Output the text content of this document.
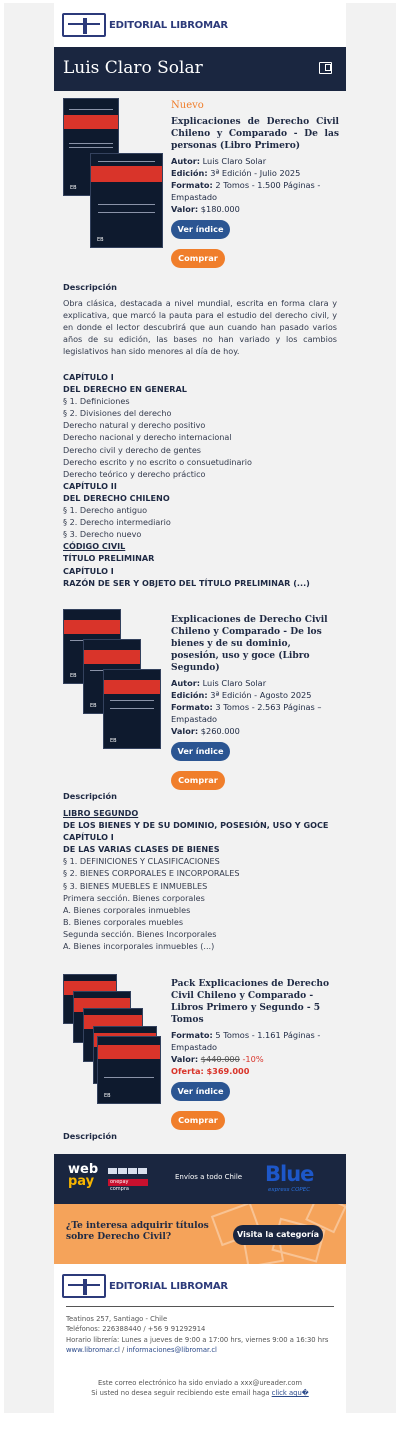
EDITORIAL LIBROMAR
Luis Claro Solar
EB
EB
Nuevo
Explicaciones de Derecho Civil Chileno y Comparado - De las personas (Libro Primero)
Autor: Luis Claro Solar
Edición: 3ª Edición - Julio 2025
Formato: 2 Tomos - 1.500 Páginas - Empastado
Valor: $180.000
Ver índice
Comprar
Descripción
Obra clásica, destacada a nivel mundial, escrita en forma clara y explicativa, que marcó la pauta para el estudio del derecho civil, y en donde el lector descubrirá que aun cuando han pasado varios años de su edición, las bases no han variado y los cambios legislativos han sido menores al día de hoy.
CAPÍTULO I
DEL DERECHO EN GENERAL
§ 1. Definiciones
§ 2. Divisiones del derecho
Derecho natural y derecho positivo
Derecho nacional y derecho internacional
Derecho civil y derecho de gentes
Derecho escrito y no escrito o consuetudinario
Derecho teórico y derecho práctico
CAPÍTULO II
DEL DERECHO CHILENO
§ 1. Derecho antiguo
§ 2. Derecho intermediario
§ 3. Derecho nuevo
CÓDIGO CIVIL
TÍTULO PRELIMINAR
CAPÍTULO I
RAZÓN DE SER Y OBJETO DEL TÍTULO PRELIMINAR (...)
EB
EB
EB
Explicaciones de Derecho Civil Chileno y Comparado - De los bienes y de su dominio, posesión, uso y goce (Libro Segundo)
Autor: Luis Claro Solar
Edición: 3ª Edición - Agosto 2025
Formato: 3 Tomos - 2.563 Páginas – Empastado
Valor: $260.000
Ver índice
Comprar
Descripción
LIBRO SEGUNDO
DE LOS BIENES Y DE SU DOMINIO, POSESIÓN, USO Y GOCE
CAPÍTULO I
DE LAS VARIAS CLASES DE BIENES
§ 1. DEFINICIONES Y CLASIFICACIONES
§ 2. BIENES CORPORALES E INCORPORALES
§ 3. BIENES MUEBLES E INMUEBLES
Primera sección. Bienes corporales
A. Bienes corporales inmuebles
B. Bienes corporales muebles
Segunda sección. Bienes Incorporales
A. Bienes incorporales inmuebles (...)
EB
Pack Explicaciones de Derecho Civil Chileno y Comparado - Libros Primero y Segundo - 5 Tomos
Formato: 5 Tomos - 1.161 Páginas - Empastado
Valor: $440.000 -10%
Oferta: $369.000
Ver índice
Comprar
Descripción
web
pay	onepay compra
Envíos a todo Chile Blue
express COPEC
¿Te interesa adquirir títulos sobre Derecho Civil?	Visita la categoría
EDITORIAL LIBROMAR
Teatinos 257, Santiago - Chile
Teléfonos: 226388440 / +56 9 91292914
Horario librería: Lunes a jueves de 9:00 a 17:00 hrs, viernes 9:00 a 16:30 hrs
www.libromar.cl / informaciones@libromar.cl
Este correo electrónico ha sido enviado a xxx@ureader.com
Si usted no desea seguir recibiendo este email haga click aqu�
